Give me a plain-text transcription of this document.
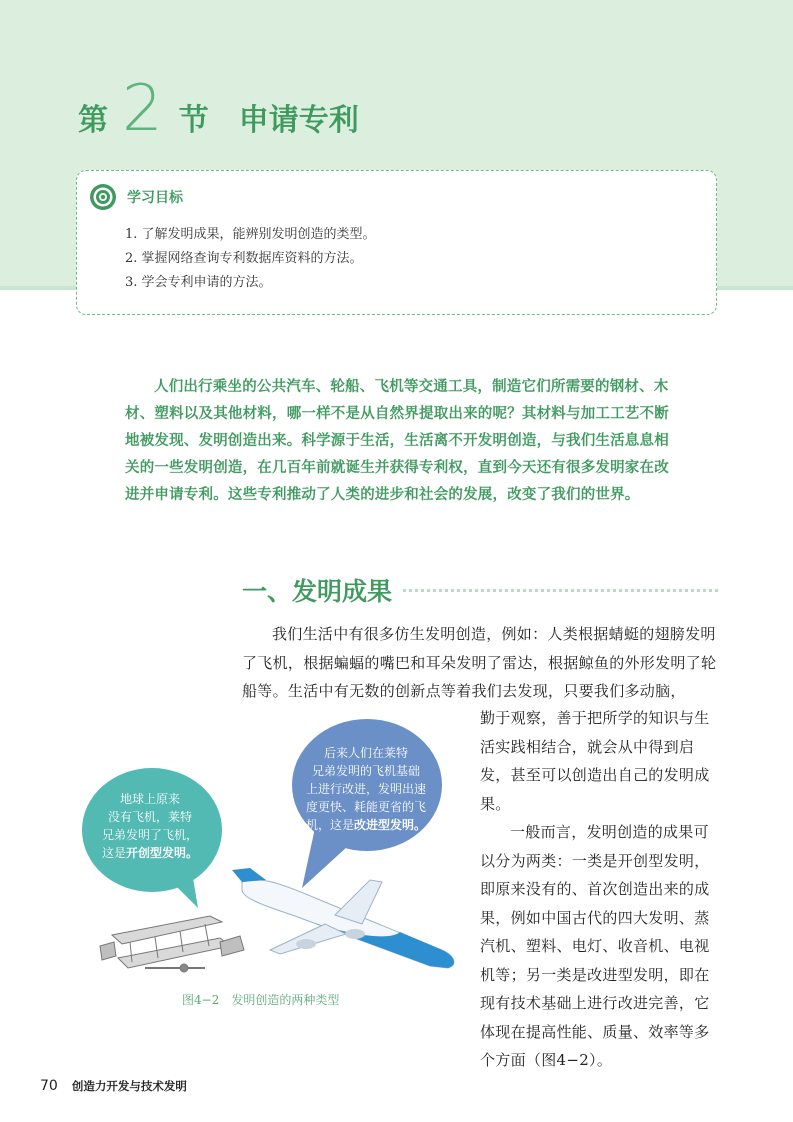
第 2 节 申请专利
学习目标
1. 了解发明成果，能辨别发明创造的类型。
2. 掌握网络查询专利数据库资料的方法。
3. 学会专利申请的方法。
人们出行乘坐的公共汽车、轮船、飞机等交通工具，制造它们所需要的钢材、木材、塑料以及其他材料，哪一样不是从自然界提取出来的呢？其材料与加工工艺不断地被发现、发明创造出来。科学源于生活，生活离不开发明创造，与我们生活息息相关的一些发明创造，在几百年前就诞生并获得专利权，直到今天还有很多发明家在改进并申请专利。这些专利推动了人类的进步和社会的发展，改变了我们的世界。
一、发明成果
我们生活中有很多仿生发明创造，例如：人类根据蜻蜓的翅膀发明了飞机，根据蝙蝠的嘴巴和耳朵发明了雷达，根据鲸鱼的外形发明了轮船等。生活中有无数的创新点等着我们去发现，只要我们多动脑，

勤于观察，善于把所学的知识与生活实践相结合，就会从中得到启发，甚至可以创造出自己的发明成果。

一般而言，发明创造的成果可以分为两类：一类是开创型发明，即原来没有的、首次创造出来的成果，例如中国古代的四大发明、蒸汽机、塑料、电灯、收音机、电视机等；另一类是改进型发明，即在现有技术基础上进行改进完善，它体现在提高性能、质量、效率等多个方面（图4−2）。

后来人们在莱特
兄弟发明的飞机基础
上进行改进，发明出速
度更快、耗能更省的飞
机，这是改进型发明。
地球上原来
没有飞机，莱特
兄弟发明了飞机，
这是开创型发明。
图4−2 发明创造的两种类型
70 创造力开发与技术发明
